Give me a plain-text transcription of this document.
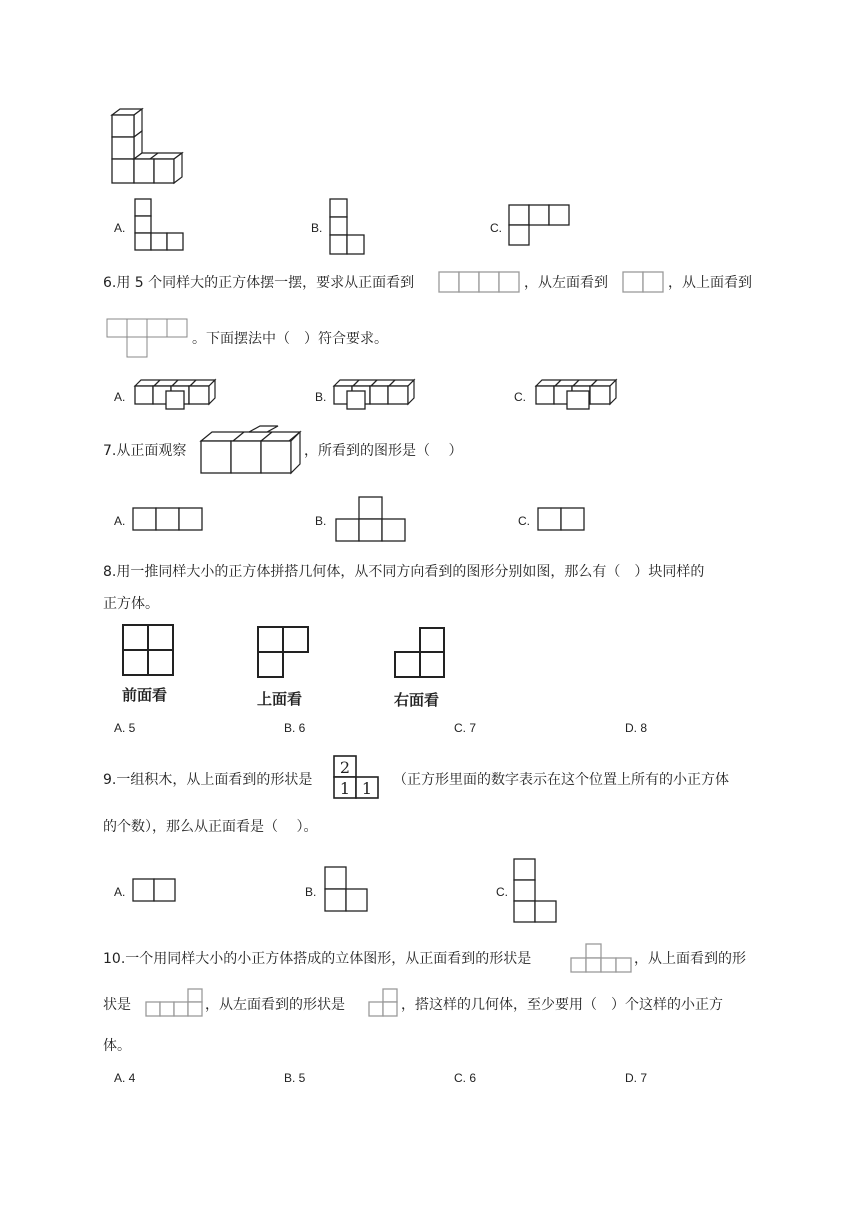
A.	B.	C.
6.用 5 个同样大的正方体摆一摆，要求从正面看到	，从左面看到	，从上面看到
。下面摆法中（　）符合要求。
A.	B.	C.
7.从正面观察	，所看到的图形是（　 ）
A.	B.	C.
8.用一推同样大小的正方体拼搭几何体，从不同方向看到的图形分别如图，那么有（　）块同样的
正方体。
前面看	上面看	右面看
A. 5	B. 6	C. 7	D. 8
9.一组积木，从上面看到的形状是
2
1 1 （正方形里面的数字表示在这个位置上所有的小正方体
的个数），那么从正面看是（　 ）。
A.	B.	C.
10.一个用同样大小的小正方体搭成的立体图形，从正面看到的形状是	，从上面看到的形
状是	，从左面看到的形状是	，搭这样的几何体，至少要用（　）个这样的小正方
体。
A. 4	B. 5	C. 6	D. 7
